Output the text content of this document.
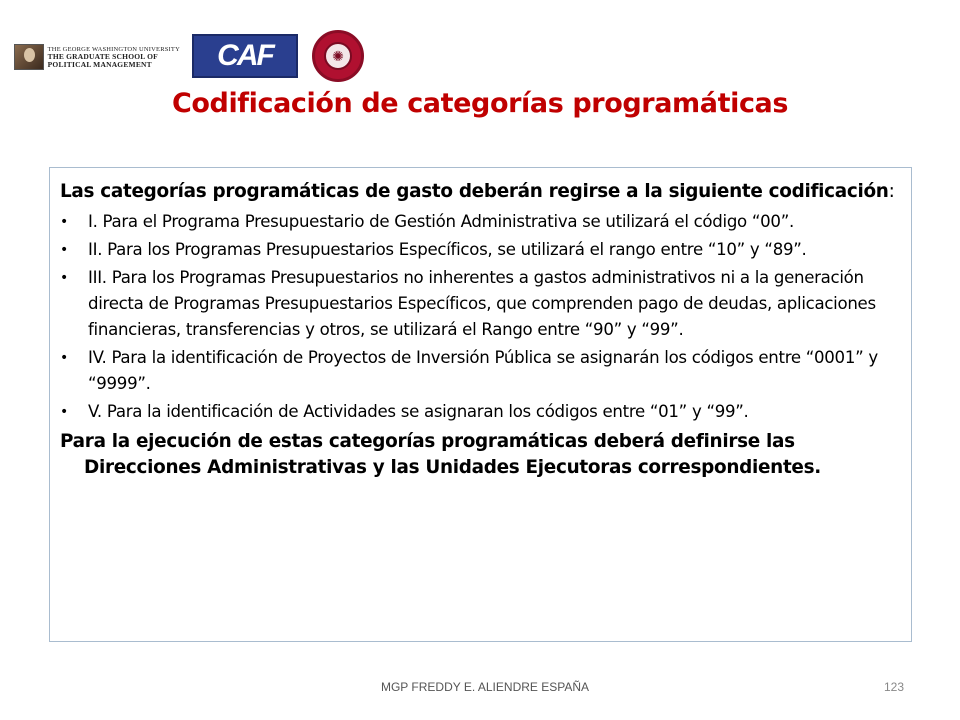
THE GEORGE WASHINGTON UNIVERSITY
THE GRADUATE SCHOOL OF
POLITICAL MANAGEMENT	CAF	✺
Codificación de categorías programáticas

Las categorías programáticas de gasto deberán regirse a la siguiente codificación:

• I. Para el Programa Presupuestario de Gestión Administrativa se utilizará el código “00”.
• II. Para los Programas Presupuestarios Específicos, se utilizará el rango entre “10” y “89”.
• III. Para los Programas Presupuestarios no inherentes a gastos administrativos ni a la generación directa de Programas Presupuestarios Específicos, que comprenden pago de deudas, aplicaciones financieras, transferencias y otros, se utilizará el Rango entre “90” y “99”.
• IV. Para la identificación de Proyectos de Inversión Pública se asignarán los códigos entre “0001” y “9999”.
• V. Para la identificación de Actividades se asignaran los códigos entre “01” y “99”.

Para la ejecución de estas categorías programáticas deberá definirse las Direcciones Administrativas y las Unidades Ejecutoras correspondientes.

MGP FREDDY E. ALIENDRE ESPAÑA	123
